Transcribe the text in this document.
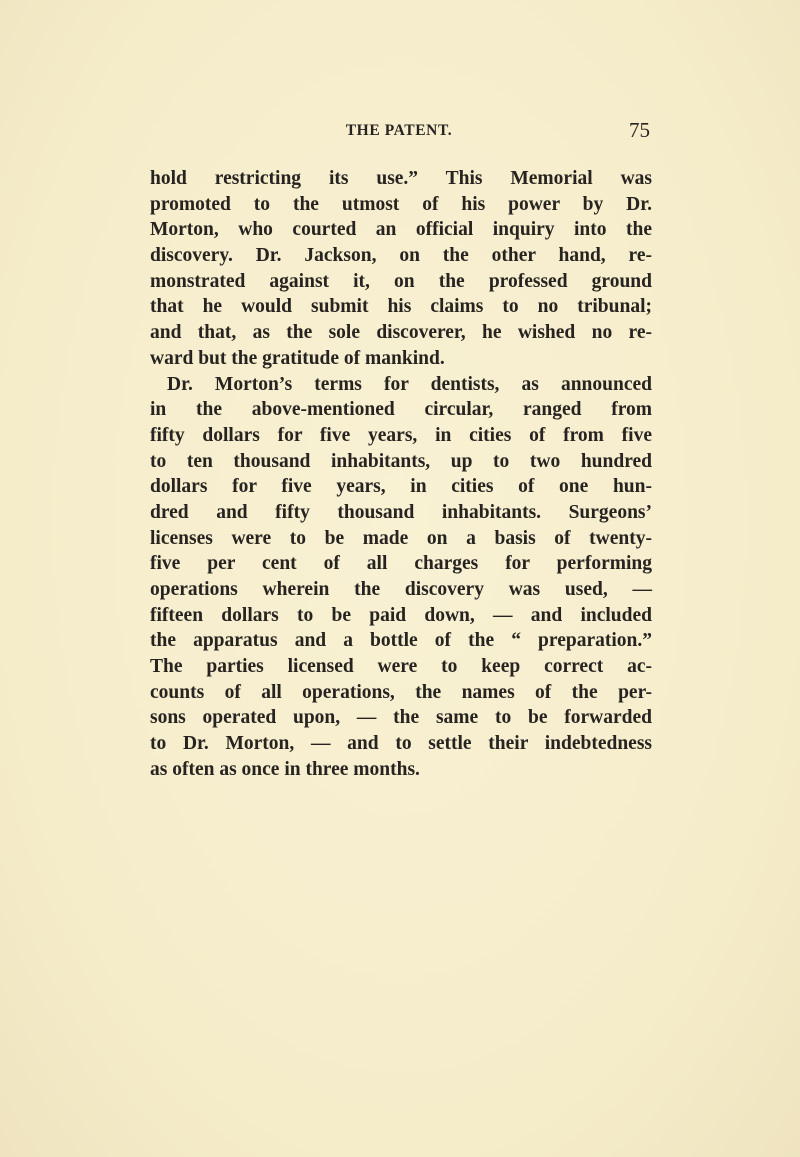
THE PATENT.	75
hold restricting its use.” This Memorial was
promoted to the utmost of his power by Dr.
Morton, who courted an official inquiry into the
discovery. Dr. Jackson, on the other hand, re-
monstrated against it, on the professed ground
that he would submit his claims to no tribunal;
and that, as the sole discoverer, he wished no re-
ward but the gratitude of mankind.
Dr. Morton’s terms for dentists, as announced
in the above-mentioned circular, ranged from
fifty dollars for five years, in cities of from five
to ten thousand inhabitants, up to two hundred
dollars for five years, in cities of one hun-
dred and fifty thousand inhabitants. Surgeons’
licenses were to be made on a basis of twenty-
five per cent of all charges for performing
operations wherein the discovery was used, —
fifteen dollars to be paid down, — and included
the apparatus and a bottle of the “ preparation.”
The parties licensed were to keep correct ac-
counts of all operations, the names of the per-
sons operated upon, — the same to be forwarded
to Dr. Morton, — and to settle their indebtedness
as often as once in three months.
